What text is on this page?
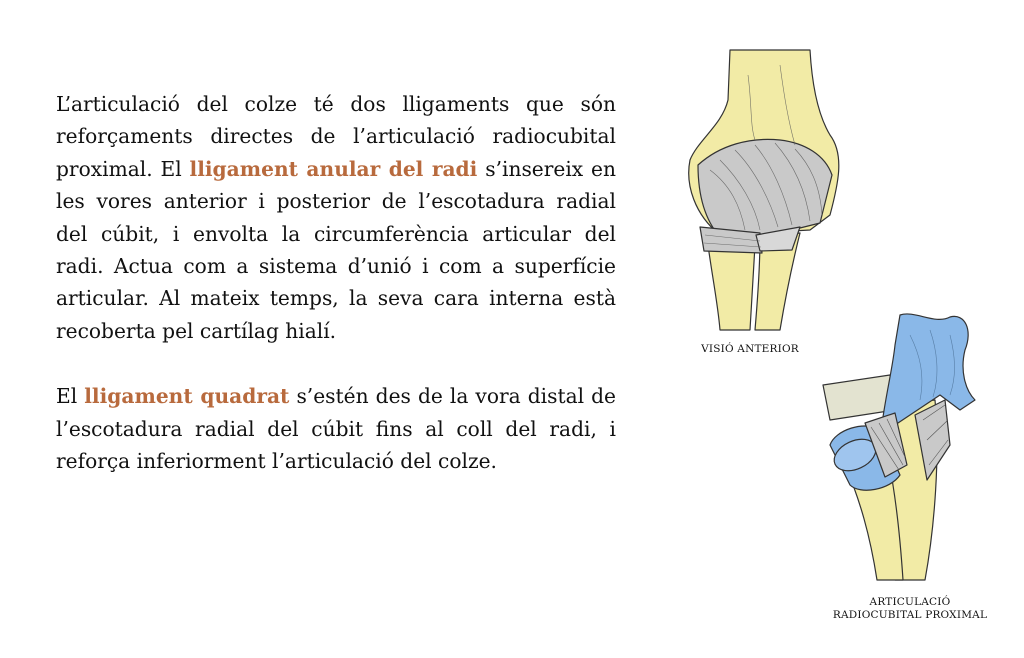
L’articulació del colze té dos lligaments que són reforçaments directes de l’articulació radiocubital proximal. El lligament anular del radi s’insereix en les vores anterior i posterior de l’escotadura radial del cúbit, i envolta la circumferència articular del radi. Actua com a sistema d’unió i com a superfície articular. Al mateix temps, la seva cara interna està recoberta pel cartílag hialí.

El lligament quadrat s’estén des de la vora distal de l’escotadura radial del cúbit fins al coll del radi, i reforça inferiorment l’articulació del colze.

VISIÓ ANTERIOR
ARTICULACIÓ
RADIOCUBITAL PROXIMAL
